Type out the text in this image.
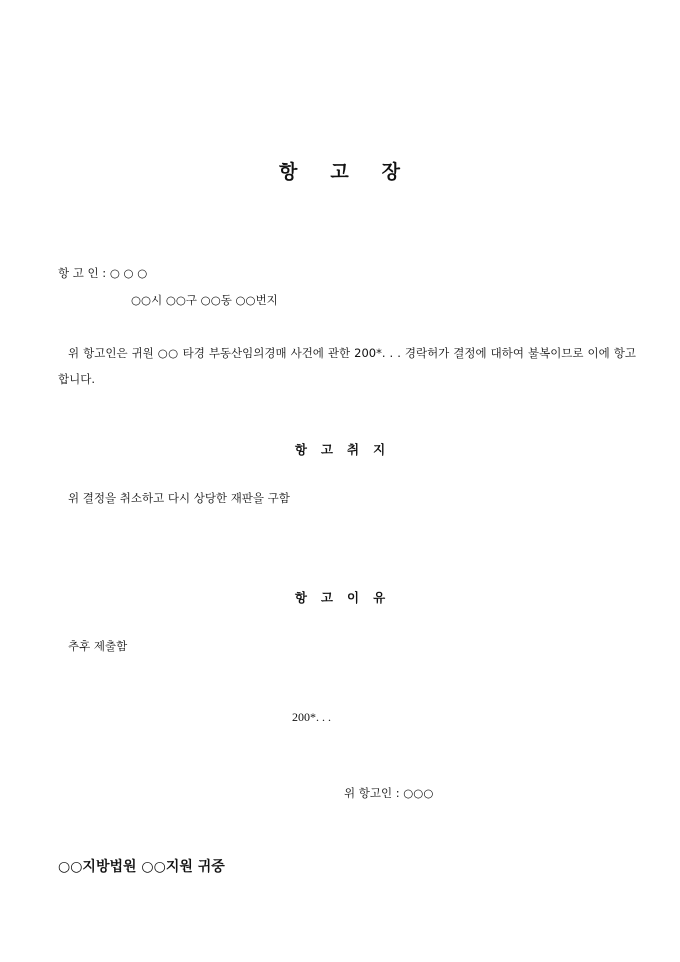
항 고 장
항 고 인 : ○ ○ ○
○○시 ○○구 ○○동 ○○번지
위 항고인은 귀원 ○○ 타경 부동산임의경매 사건에 관한 200*. . . 경락허가 결정에 대하여 불복이므로 이에 항고합니다.
항 고 취 지
위 결정을 취소하고 다시 상당한 재판을 구함
항 고 이 유
추후 제출함
200*. . .
위 항고인 : ○○○
○○지방법원 ○○지원 귀중
